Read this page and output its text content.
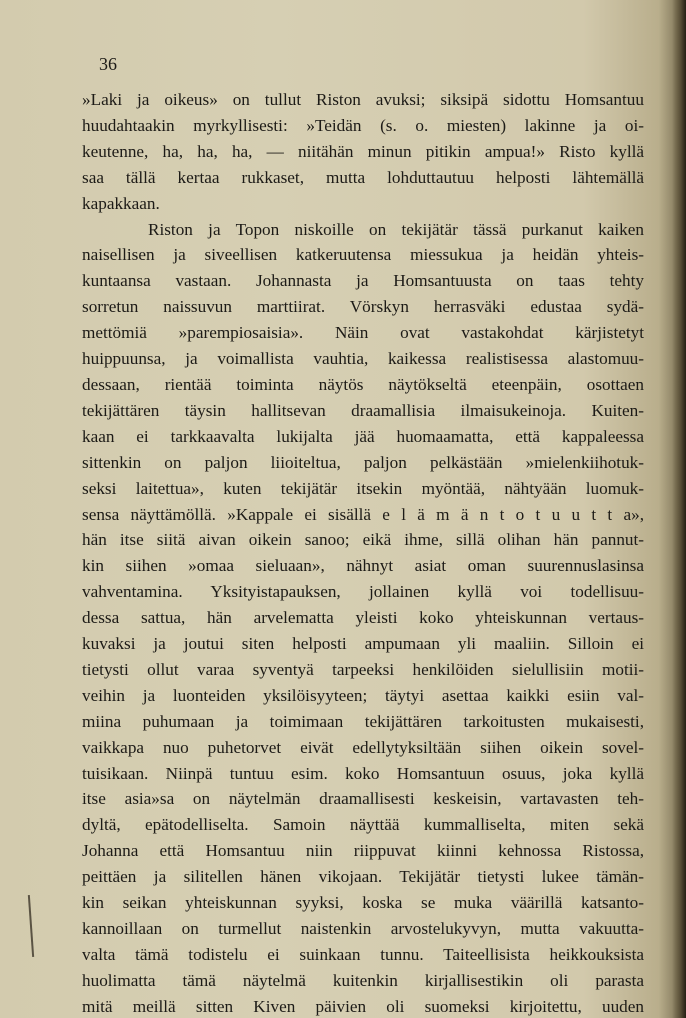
36
»Laki ja oikeus» on tullut Riston avuksi; siksipä sidottu Homsantuu
huudahtaakin myrkyllisesti: »Teidän (s. o. miesten) lakinne ja oi-
keutenne, ha, ha, ha, — niitähän minun pitikin ampua!» Risto kyllä
saa tällä kertaa rukkaset, mutta lohduttautuu helposti lähtemällä
kapakkaan.
Riston ja Topon niskoille on tekijätär tässä purkanut kaiken
naisellisen ja siveellisen katkeruutensa miessukua ja heidän yhteis-
kuntaansa vastaan. Johannasta ja Homsantuusta on taas tehty
sorretun naissuvun marttiirat. Vörskyn herrasväki edustaa sydä-
mettömiä »parempiosaisia». Näin ovat vastakohdat kärjistetyt
huippuunsa, ja voimallista vauhtia, kaikessa realistisessa alastomuu-
dessaan, rientää toiminta näytös näytökseltä eteenpäin, osottaen
tekijättären täysin hallitsevan draamallisia ilmaisukeinoja. Kuiten-
kaan ei tarkkaavalta lukijalta jää huomaamatta, että kappaleessa
sittenkin on paljon liioiteltua, paljon pelkästään »mielenkiihotuk-
seksi laitettua», kuten tekijätär itsekin myöntää, nähtyään luomuk-
sensa näyttämöllä. »Kappale ei sisällä e l ä m ä n t o t u u t t a»,
hän itse siitä aivan oikein sanoo; eikä ihme, sillä olihan hän pannut-
kin siihen »omaa sieluaan», nähnyt asiat oman suurennuslasinsa
vahventamina. Yksityistapauksen, jollainen kyllä voi todellisuu-
dessa sattua, hän arvelematta yleisti koko yhteiskunnan vertaus-
kuvaksi ja joutui siten helposti ampumaan yli maaliin. Silloin ei
tietysti ollut varaa syventyä tarpeeksi henkilöiden sielullisiin motii-
veihin ja luonteiden yksilöisyyteen; täytyi asettaa kaikki esiin val-
miina puhumaan ja toimimaan tekijättären tarkoitusten mukaisesti,
vaikkapa nuo puhetorvet eivät edellytyksiltään siihen oikein sovel-
tuisikaan. Niinpä tuntuu esim. koko Homsantuun osuus, joka kyllä
itse asia»sa on näytelmän draamallisesti keskeisin, vartavasten teh-
dyltä, epätodelliselta. Samoin näyttää kummalliselta, miten sekä
Johanna että Homsantuu niin riippuvat kiinni kehnossa Ristossa,
peittäen ja silitellen hänen vikojaan. Tekijätär tietysti lukee tämän-
kin seikan yhteiskunnan syyksi, koska se muka väärillä katsanto-
kannoillaan on turmellut naistenkin arvostelukyvyn, mutta vakuutta-
valta tämä todistelu ei suinkaan tunnu. Taiteellisista heikkouksista
huolimatta tämä näytelmä kuitenkin kirjallisestikin oli parasta
mitä meillä sitten Kiven päivien oli suomeksi kirjoitettu, uuden
